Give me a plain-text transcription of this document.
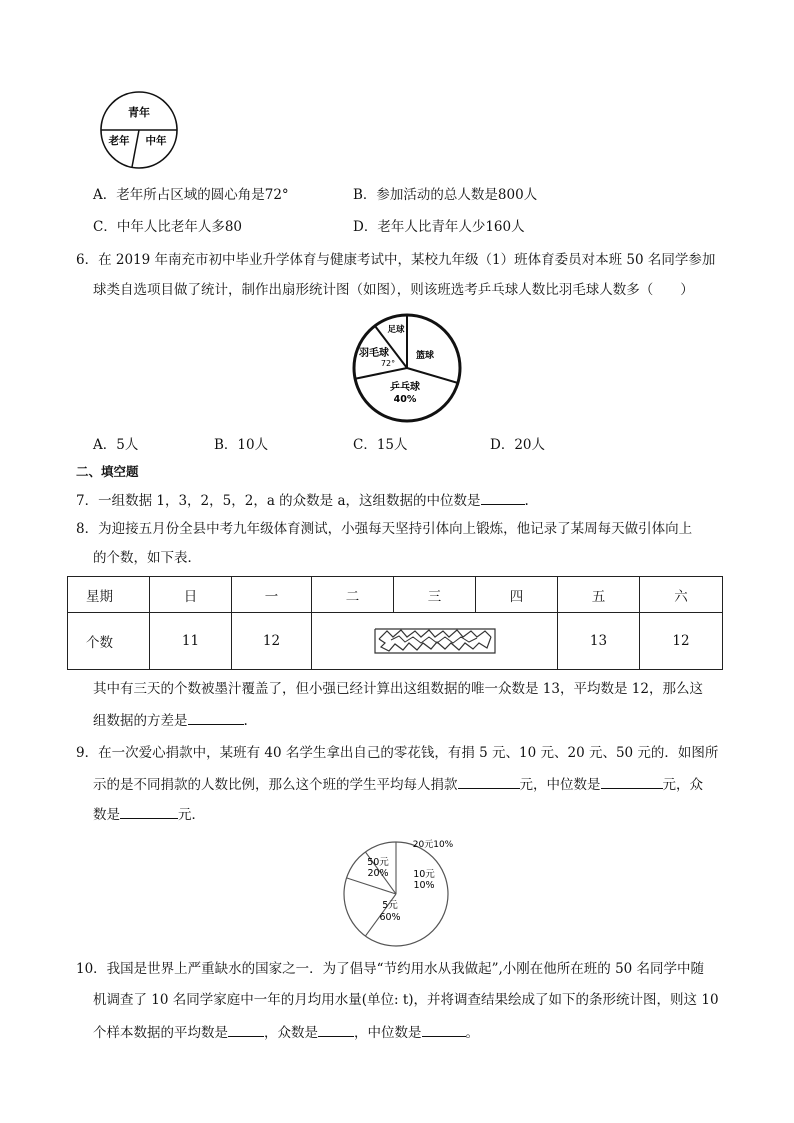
青年
老年 中年
A．老年所占区域的圆心角是72°	B．参加活动的总人数是800人
C．中年人比老年人多80	D．老年人比青年人少160人
6．在 2019 年南充市初中毕业升学体育与健康考试中，某校九年级（1）班体育委员对本班 50 名同学参加
球类自选项目做了统计，制作出扇形统计图（如图），则该班选考乒乓球人数比羽毛球人数多（　　）
足球
篮球
羽毛球
72°
乒乓球
40%
A．5人	B．10人	C．15人	D．20人
二、填空题
7．一组数据 1，3，2，5，2，a 的众数是 a，这组数据的中位数是	.
8．为迎接五月份全县中考九年级体育测试，小强每天坚持引体向上锻炼，他记录了某周每天做引体向上
的个数，如下表．
星期	日	一	二	三	四	五	六
个数	11	12				13	12
其中有三天的个数被墨汁覆盖了，但小强已经计算出这组数据的唯一众数是 13，平均数是 12，那么这
组数据的方差是	.
9．在一次爱心捐款中，某班有 40 名学生拿出自己的零花钱，有捐 5 元、10 元、20 元、50 元的．如图所
示的是不同捐款的人数比例，那么这个班的学生平均每人捐款	元，中位数是	元，众
数是	元．
20元10%
50元
20%	10元
10%
5元
60%
10．我国是世界上严重缺水的国家之一．为了倡导“节约用水从我做起”,小刚在他所在班的 50 名同学中随
机调查了 10 名同学家庭中一年的月均用水量(单位: t)，并将调查结果绘成了如下的条形统计图，则这 10
个样本数据的平均数是	，众数是	，中位数是	。
